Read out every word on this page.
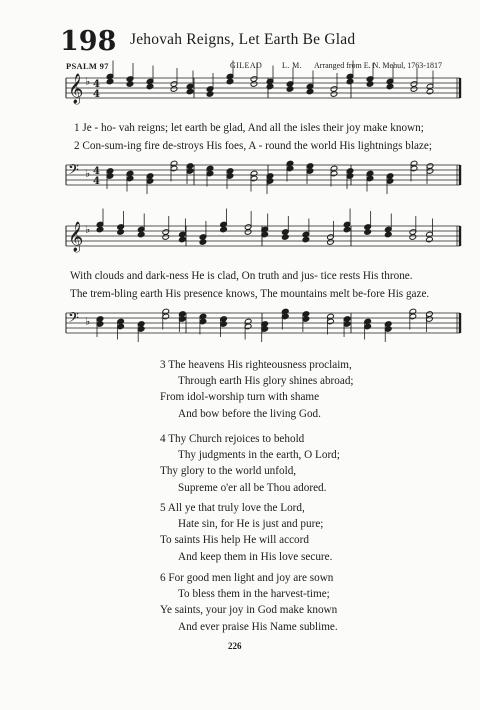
198 Jehovah Reigns, Let Earth Be Glad
PSALM 97	GILEAD L. M. Arranged from E. N. Mehul, 1763-1817
𝄞 ♭ 4
4
𝄢 ♭ 4
4
𝄞 ♭
𝄢 ♭
1 Je - ho- vah reigns; let earth be glad, And all the isles their joy make known;
2 Con-sum-ing fire de-stroys His foes, A - round the world His lightnings blaze;
With clouds and dark-ness He is clad, On truth and jus- tice rests His throne.
The trem-bling earth His presence knows, The mountains melt be-fore His gaze.
3 The heavens His righteousness proclaim,
Through earth His glory shines abroad;
From idol-worship turn with shame
And bow before the living God.
4 Thy Church rejoices to behold
Thy judgments in the earth, O Lord;
Thy glory to the world unfold,
Supreme o'er all be Thou adored.
5 All ye that truly love the Lord,
Hate sin, for He is just and pure;
To saints His help He will accord
And keep them in His love secure.
6 For good men light and joy are sown
To bless them in the harvest-time;
Ye saints, your joy in God make known
And ever praise His Name sublime.
226
